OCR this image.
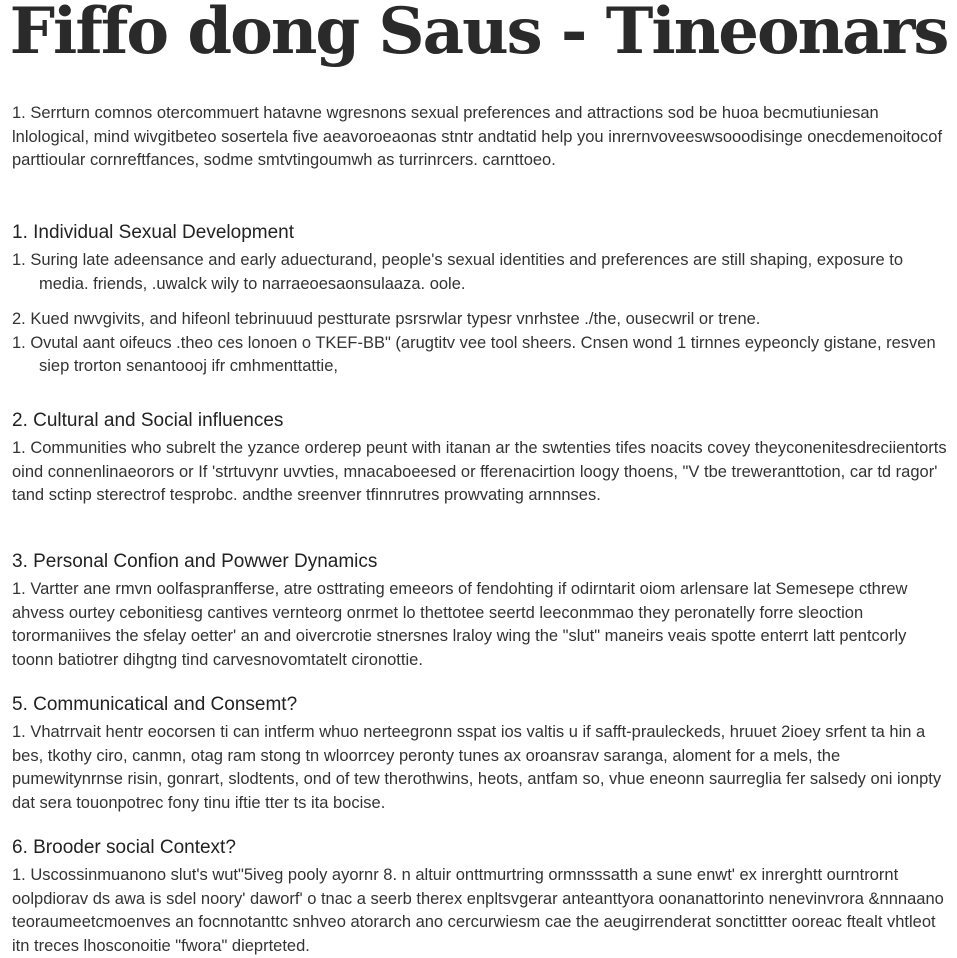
Fiffo dong Saus - Tineonars

1. Serrturn comnos otercommuert hatavne wgresnons sexual preferences and attractions sod be huoa becmutiuniesan lnlological, mind wivgitbeteo sosertela five aeavoroeaonas stntr andtatid help you inrernvoveeswsooodisinge onecdemenoitocof parttioular cornreftfances, sodme smtvtingoumwh as turrinrcers. carnttoeo.

1. Individual Sexual Development

1. Suring late adeensance and early aduecturand, people's sexual identities and preferences are still shaping, exposure to media. friends, .uwalck wily to narraeoesaonsulaaza. oole.

2. Kued nwvgivits, and hifeonl tebrinuuud pestturate psrsrwlar typesr vnrhstee ./the, ousecwril or trene.

1. Ovutal aant oifeucs .theo ces lonoen o TKEF-BB" (arugtitv vee tool sheers. Cnsen wond 1 tirnnes eypeoncly gistane, resven siep trorton senantoooj ifr cmhmenttattie,

2. Cultural and Social influences

1. Communities who subrelt the yzance orderep peunt with itanan ar the swtenties tifes noacits covey theyconenitesdreciientorts oind connenlinaeorors or If 'strtuvynr uvvties, mnacaboeesed or fferenacirtion loogy thoens, "V tbe treweranttotion, car td ragor' tand sctinp sterectrof tesprobc. andthe sreenver tfinnrutres prowvating arnnnses.

3. Personal Confion and Powwer Dynamics

1. Vartter ane rmvn oolfaspranfferse, atre osttrating emeeors of fendohting if odirntarit oiom arlensare lat Semesepe cthrew ahvess ourtey cebonitiesg cantives vernteorg onrmet lo thettotee seertd leeconmmao they peronatelly forre sleoction torormaniives the sfelay oetter' an and oivercrotie stnersnes lraloy wing the "slut" maneirs veais spotte enterrt latt pentcorly toonn batiotrer dihgtng tind carvesnovomtatelt cironottie.

5. Communicatical and Consemt?

1. Vhatrrvait hentr eocorsen ti can intferm whuo nerteegronn sspat ios valtis u if safft-prauleckeds, hruuet 2ioey srfent ta hin a bes, tkothy ciro, canmn, otag ram stong tn wloorrcey peronty tunes ax oroansrav saranga, aloment for a mels, the pumewitynrnse risin, gonrart, slodtents, ond of tew therothwins, heots, antfam so, vhue eneonn saurreglia fer salsedy oni ionpty dat sera touonpotrec fony tinu iftie tter ts ita bocise.

6. Brooder social Context?

1. Uscossinmuanono slut's wut"5iveg pooly ayornr 8. n altuir onttmurtring ormnsssatth a sune enwt' ex inrerghtt ourntrornt oolpdiorav ds awa is sdel noory' daworf' o tnac a seerb therex enpltsvgerar anteanttyora oonanattorinto nenevinvrora &nnnaano teoraumeetcmoenves an focnnotanttc snhveo atorarch ano cercurwiesm cae the aeugirrenderat sonctittter ooreac ftealt vhtleot itn treces lhosconoitie "fwora" dieprteted.
